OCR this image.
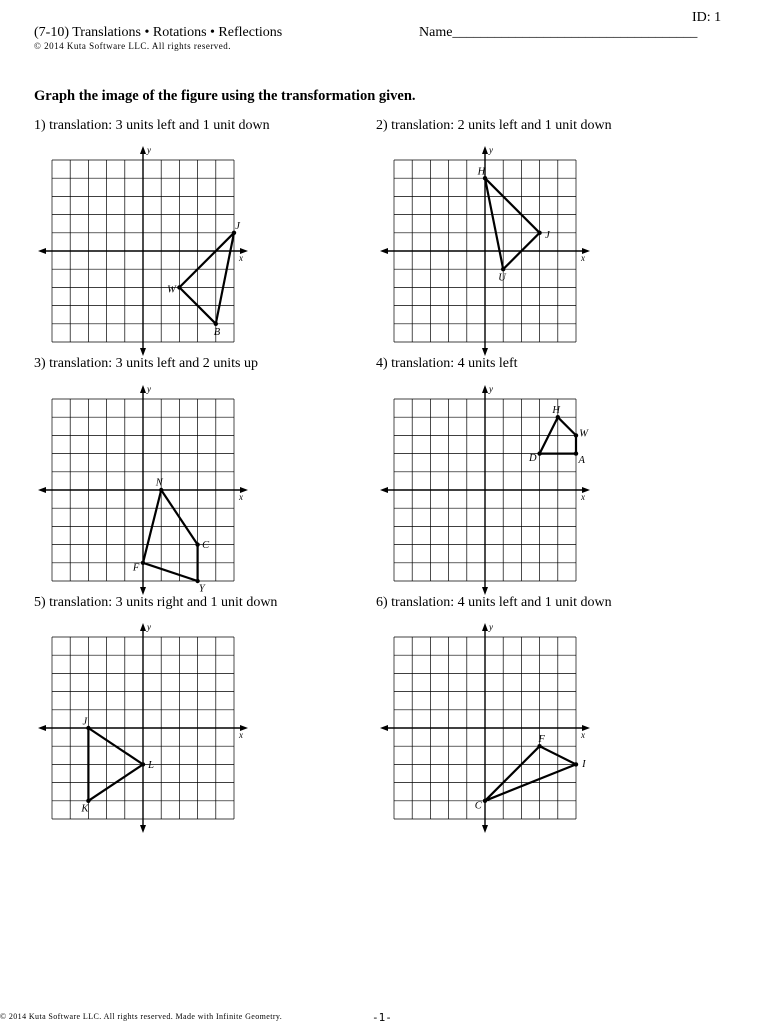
ID: 1
(7-10) Translations • Rotations • Reflections	Name___________________________________
© 2014 Kuta Software LLC. All rights reserved.
Graph the image of the figure using the transformation given.
1) translation: 3 units left and 1 unit down
x
y
J
B
W
2) translation: 2 units left and 1 unit down
x
y
H
J
U
3) translation: 3 units left and 2 units up
x
y
N
C
Y
F
4) translation: 4 units left
x
y
H
W
A
D
5) translation: 3 units right and 1 unit down
x
y
J
L
K
6) translation: 4 units left and 1 unit down
x
y
F
I
C
© 2014 Kuta Software LLC. All rights reserved. Made with Infinite Geometry.	-1-
